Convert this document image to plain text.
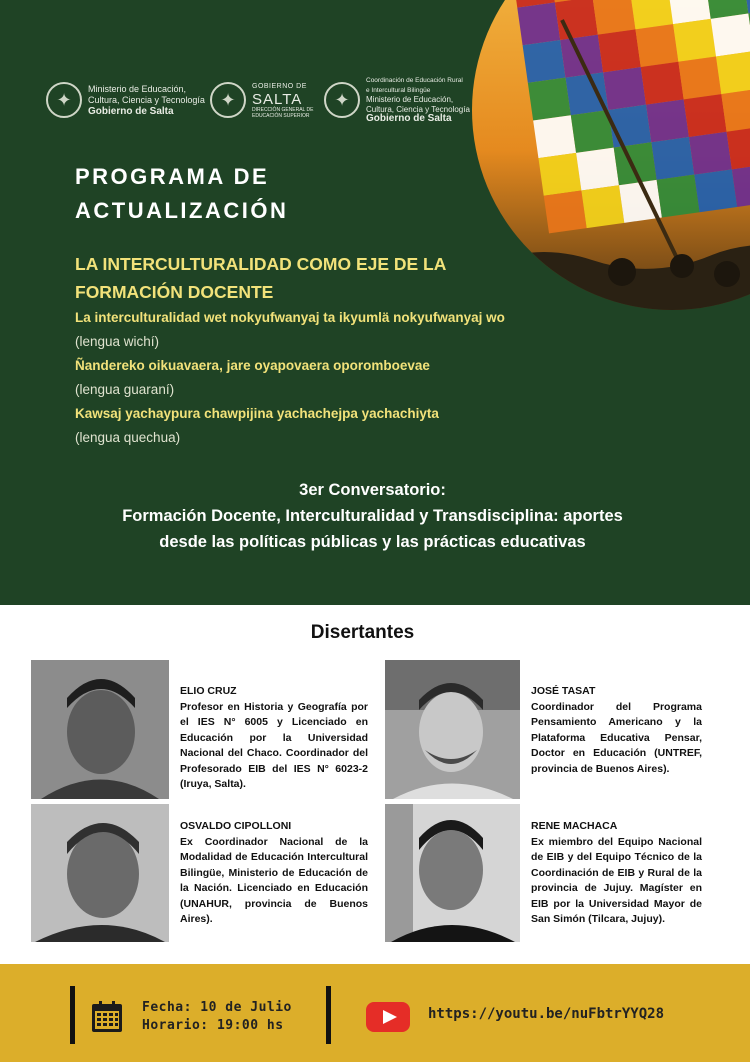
✦
Ministerio de Educación,
Cultura, Ciencia y Tecnología
Gobierno de Salta
✦
GOBIERNO DE
SALTA
DIRECCIÓN GENERAL DE
EDUCACIÓN SUPERIOR
✦
Coordinación de Educación Rural
e Intercultural Bilingüe
Ministerio de Educación,
Cultura, Ciencia y Tecnología
Gobierno de Salta
PROGRAMA DE
ACTUALIZACIÓN
LA INTERCULTURALIDAD COMO EJE DE LA
FORMACIÓN DOCENTE
La interculturalidad wet nokyufwanyaj ta ikyumlä nokyufwanyaj wo
(lengua wichí)
Ñandereko oikuavaera, jare oyapovaera oporomboevae
(lengua guaraní)
Kawsaj yachaypura chawpijina yachachejpa yachachiyta
(lengua quechua)
3er Conversatorio:
Formación Docente, Interculturalidad y Transdisciplina: aportes
desde las políticas públicas y las prácticas educativas
Disertantes
ELIO CRUZ
Profesor en Historia y Geografía por el IES N° 6005 y Licenciado en Educación por la Universidad Nacional del Chaco. Coordinador del Profesorado EIB del IES N° 6023-2 (Iruya, Salta).
JOSÉ TASAT
Coordinador del Programa Pensamiento Americano y la Plataforma Educativa Pensar, Doctor en Educación (UNTREF, provincia de Buenos Aires).
OSVALDO CIPOLLONI
Ex Coordinador Nacional de la Modalidad de Educación Intercultural Bilingüe, Ministerio de Educación de la Nación. Licenciado en Educación (UNAHUR, provincia de Buenos Aires).
RENE MACHACA
Ex miembro del Equipo Nacional de EIB y del Equipo Técnico de la Coordinación de EIB y Rural de la provincia de Jujuy. Magíster en EIB por la Universidad Mayor de San Simón (Tilcara, Jujuy).
Fecha: 10 de Julio
Horario: 19:00 hs
https://youtu.be/nuFbtrYYQ28
